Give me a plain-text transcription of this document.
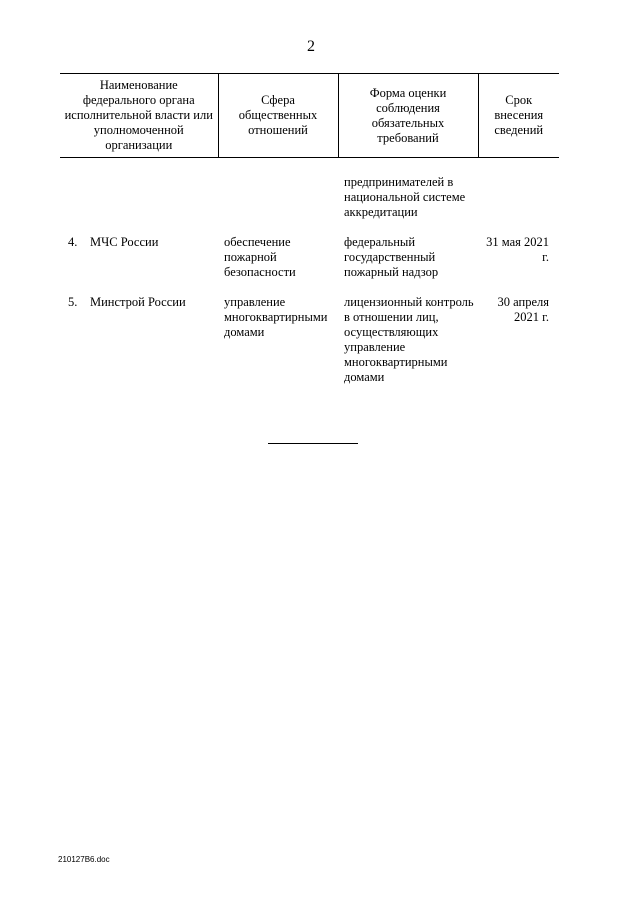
2
Наименование федерального органа исполнительной власти или уполномоченной организации	Сфера общественных отношений	Форма оценки соблюдения обязательных требований	Срок внесения сведений
		предпринимателей в национальной системе аккредитации	
4. МЧС России	обеспечение пожарной безопасности	федеральный государственный пожарный надзор	31 мая 2021 г.
5. Минстрой России	управление многоквартирными домами	лицензионный контроль в отношении лиц, осуществляющих управление многоквартирными домами	30 апреля 2021 г.
210127В6.doc
